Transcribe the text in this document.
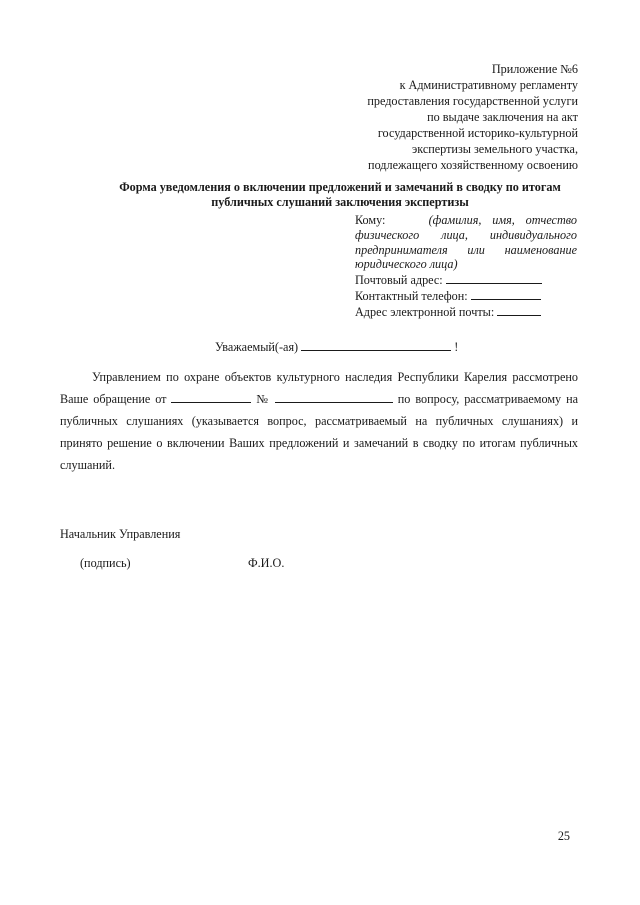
Приложение №6
к Административному регламенту
предоставления государственной услуги
по выдаче заключения на акт
государственной историко-культурной
экспертизы земельного участка,
подлежащего хозяйственному освоению
Форма уведомления о включении предложений и замечаний в сводку по итогам
публичных слушаний заключения экспертизы
Кому:	(фамилия, имя, отчество физического лица, индивидуального предпринимателя или наименование юридического лица)
Почтовый адрес:
Контактный телефон:
Адрес электронной почты:
Уважаемый(-ая)	!
Управлением по охране объектов культурного наследия Республики Карелия рассмотрено Ваше обращение от	№	по вопросу, рассматриваемому на публичных слушаниях (указывается вопрос, рассматриваемый на публичных слушаниях) и принято решение о включении Ваших предложений и замечаний в сводку по итогам публичных слушаний.
Начальник Управления
(подпись)	Ф.И.О.
25
